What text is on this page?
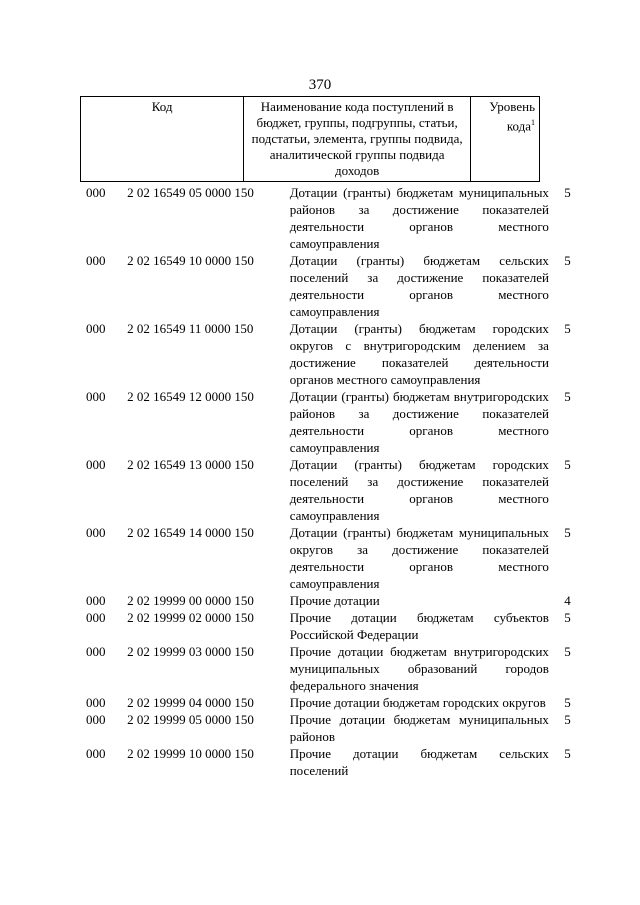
370
Код	Наименование кода поступлений в бюджет, группы, подгруппы, статьи, подстатьи, элемента, группы подвида, аналитической группы подвида доходов	Уровень кода$^1$
000	2 02 16549 05 0000 150	Дотации (гранты) бюджетам муниципальных районов за достижение показателей деятельности органов местного самоуправления	5
000	2 02 16549 10 0000 150	Дотации (гранты) бюджетам сельских поселений за достижение показателей деятельности органов местного самоуправления	5
000	2 02 16549 11 0000 150	Дотации (гранты) бюджетам городских округов с внутригородским делением за достижение показателей деятельности органов местного самоуправления	5
000	2 02 16549 12 0000 150	Дотации (гранты) бюджетам внутригородских районов за достижение показателей деятельности органов местного самоуправления	5
000	2 02 16549 13 0000 150	Дотации (гранты) бюджетам городских поселений за достижение показателей деятельности органов местного самоуправления	5
000	2 02 16549 14 0000 150	Дотации (гранты) бюджетам муниципальных округов за достижение показателей деятельности органов местного самоуправления	5
000	2 02 19999 00 0000 150	Прочие дотации	4
000	2 02 19999 02 0000 150	Прочие дотации бюджетам субъектов Российской Федерации	5
000	2 02 19999 03 0000 150	Прочие дотации бюджетам внутригородских муниципальных образований городов федерального значения	5
000	2 02 19999 04 0000 150	Прочие дотации бюджетам городских округов	5
000	2 02 19999 05 0000 150	Прочие дотации бюджетам муниципальных районов	5
000	2 02 19999 10 0000 150	Прочие дотации бюджетам сельских поселений	5
